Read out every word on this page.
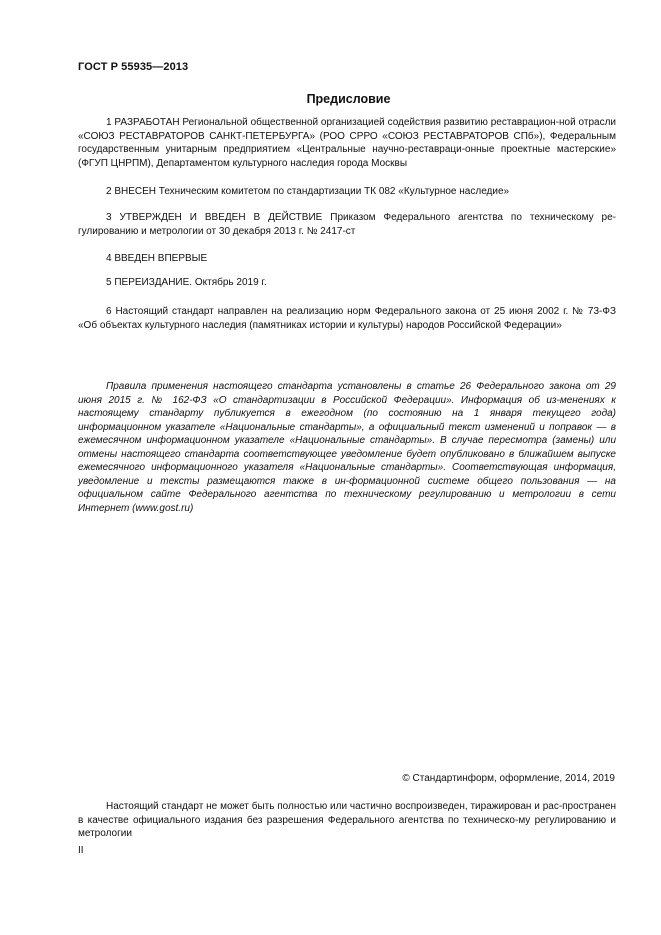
ГОСТ Р 55935—2013
Предисловие

1 РАЗРАБОТАН Региональной общественной организацией содействия развитию реставрацион-ной отрасли «СОЮЗ РЕСТАВРАТОРОВ САНКТ-ПЕТЕРБУРГА» (РОО СРРО «СОЮЗ РЕСТАВРАТОРОВ СПб»), Федеральным государственным унитарным предприятием «Центральные научно-реставраци-онные проектные мастерские» (ФГУП ЦНРПМ), Департаментом культурного наследия города Москвы

2 ВНЕСЕН Техническим комитетом по стандартизации ТК 082 «Культурное наследие»

3 УТВЕРЖДЕН И ВВЕДЕН В ДЕЙСТВИЕ Приказом Федерального агентства по техническому ре-гулированию и метрологии от 30 декабря 2013 г. № 2417-ст

4 ВВЕДЕН ВПЕРВЫЕ

5 ПЕРЕИЗДАНИЕ. Октябрь 2019 г.

6 Настоящий стандарт направлен на реализацию норм Федерального закона от 25 июня 2002 г. № 73-ФЗ «Об объектах культурного наследия (памятниках истории и культуры) народов Российской Федерации»

Правила применения настоящего стандарта установлены в статье 26 Федерального закона от 29 июня 2015 г. № 162-ФЗ «О стандартизации в Российской Федерации». Информация об из-менениях к настоящему стандарту публикуется в ежегодном (по состоянию на 1 января текущего года) информационном указателе «Национальные стандарты», а официальный текст изменений и поправок — в ежемесячном информационном указателе «Национальные стандарты». В случае пересмотра (замены) или отмены настоящего стандарта соответствующее уведомление будет опубликовано в ближайшем выпуске ежемесячного информационного указателя «Национальные стандарты». Соответствующая информация, уведомление и тексты размещаются также в ин-формационной системе общего пользования — на официальном сайте Федерального агентства по техническому регулированию и метрологии в сети Интернет (www.gost.ru)

© Стандартинформ, оформление, 2014, 2019

Настоящий стандарт не может быть полностью или частично воспроизведен, тиражирован и рас-пространен в качестве официального издания без разрешения Федерального агентства по техническо-му регулированию и метрологии

II
